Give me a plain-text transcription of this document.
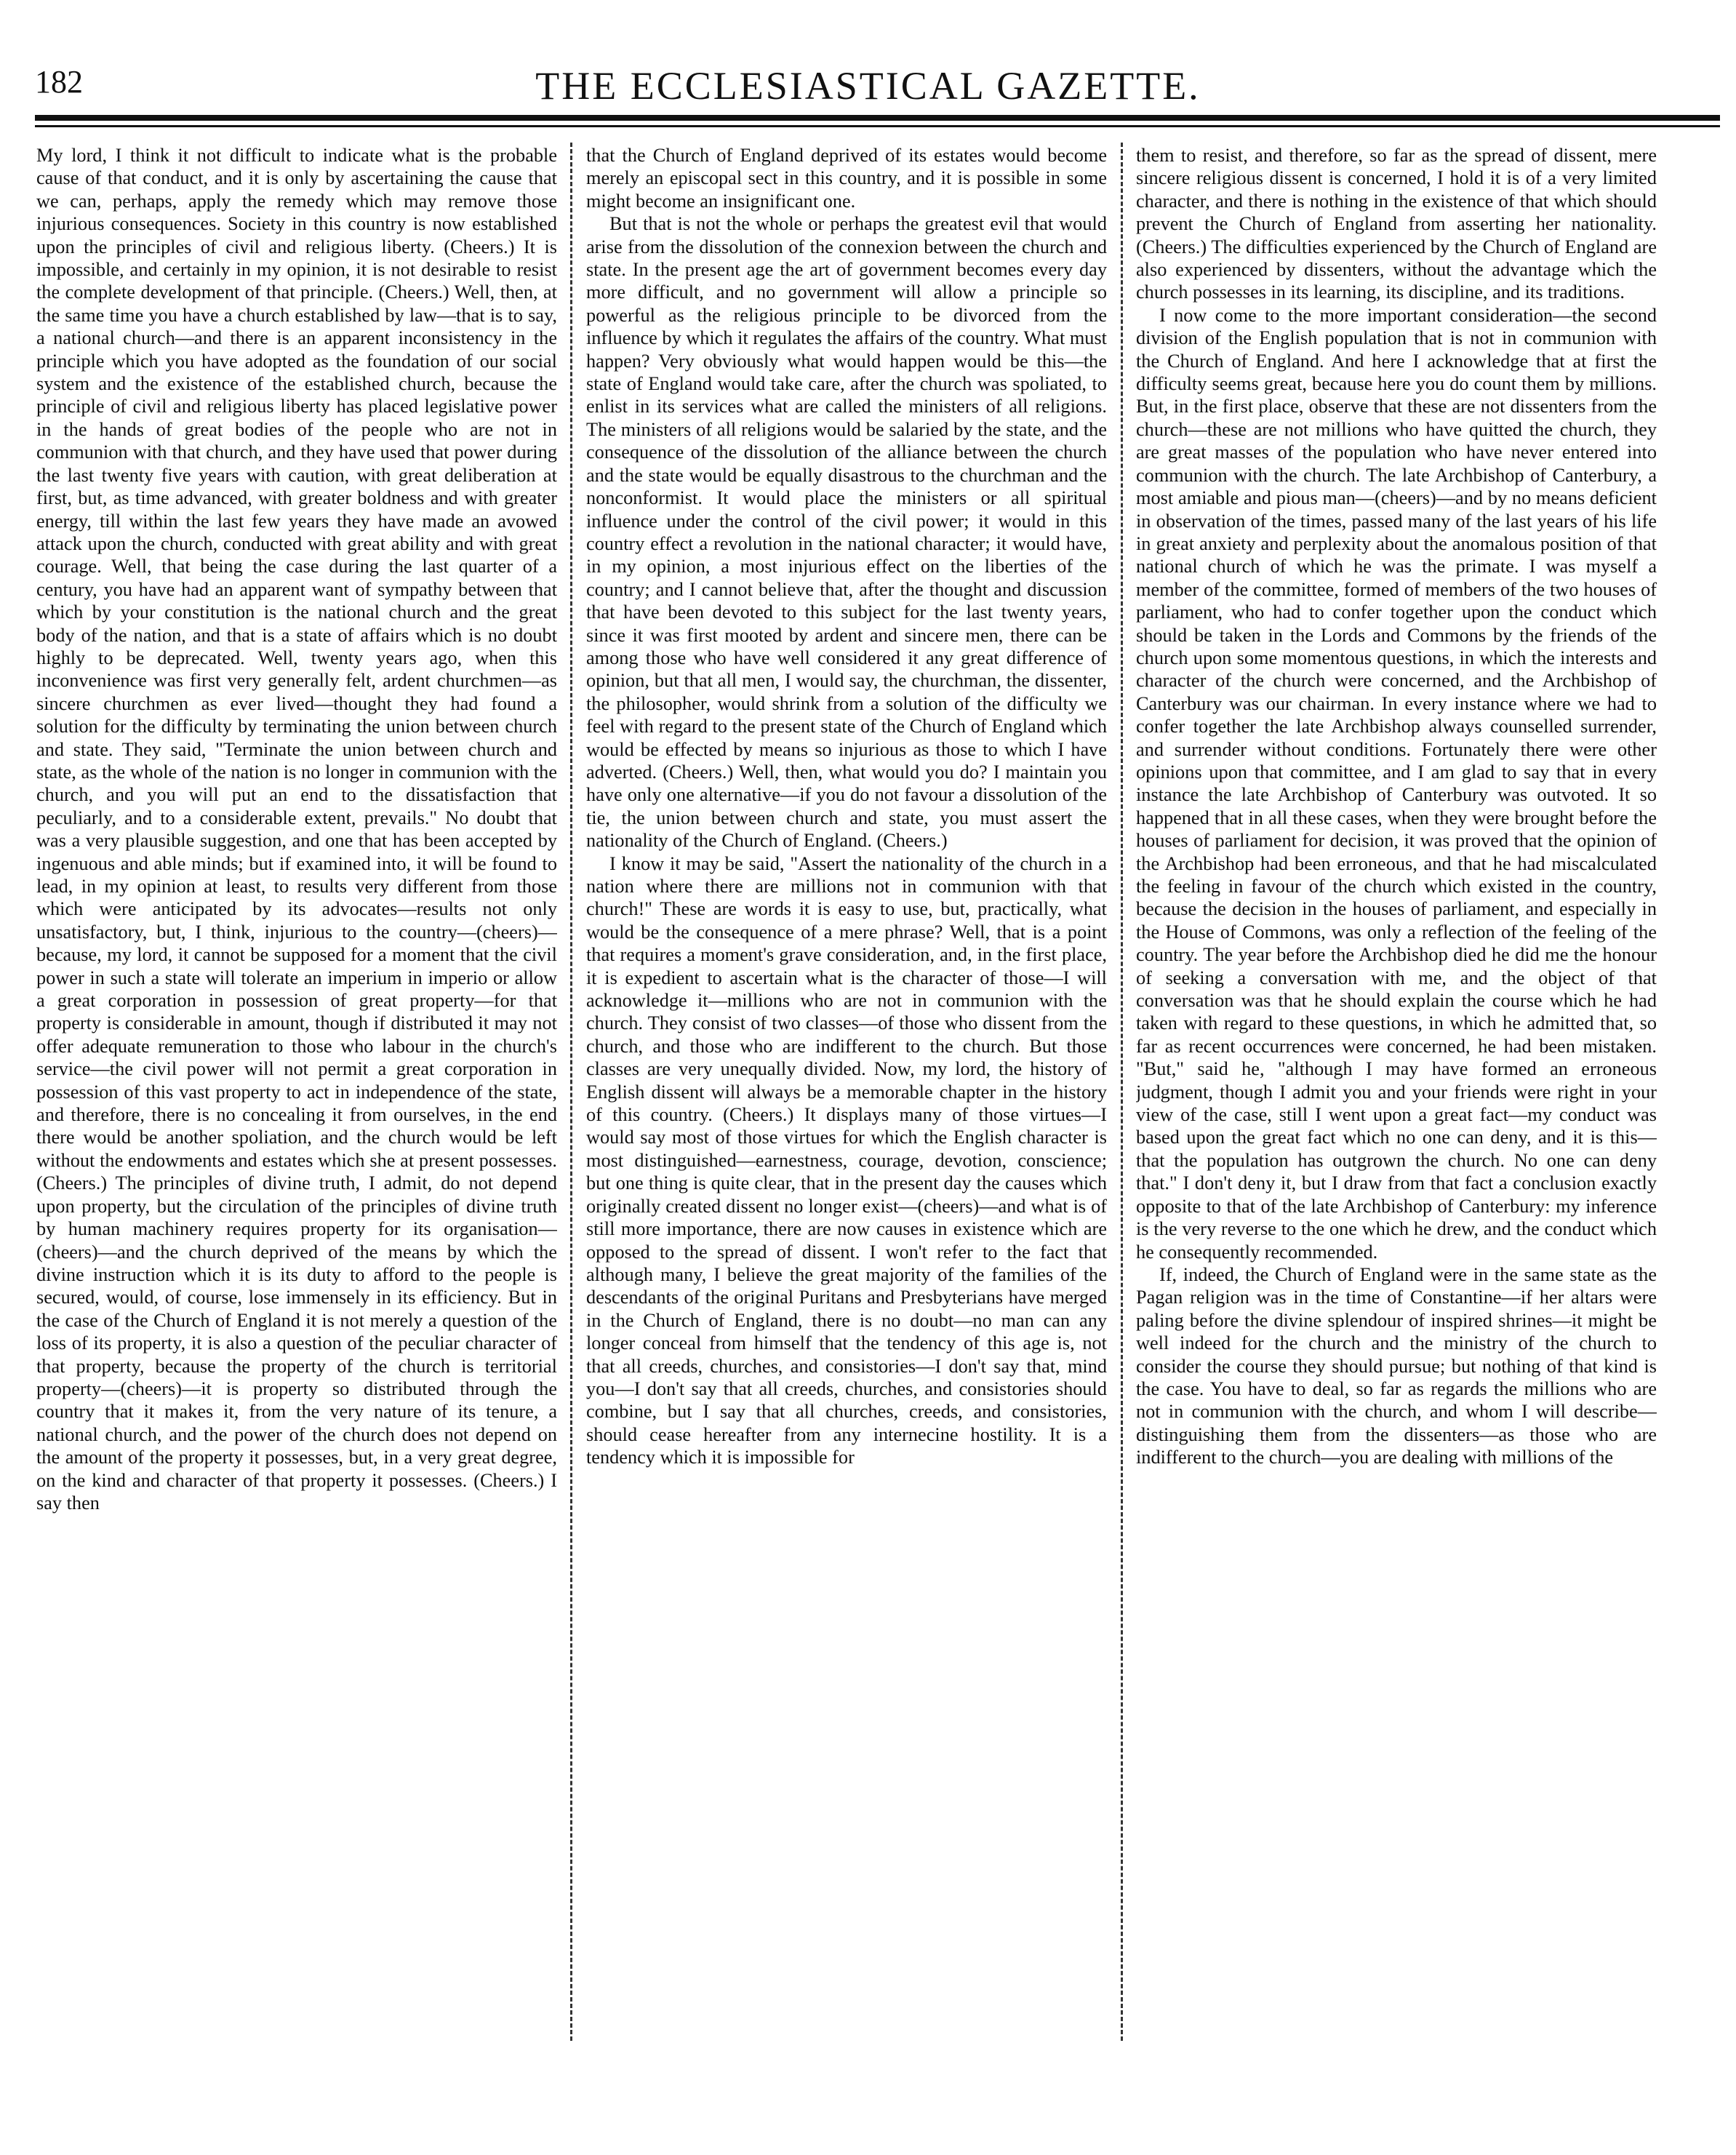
182	THE ECCLESIASTICAL GAZETTE.

My lord, I think it not difficult to indicate what is the probable cause of that conduct, and it is only by ascertaining the cause that we can, perhaps, apply the remedy which may remove those injurious consequences. Society in this country is now established upon the principles of civil and religious liberty. (Cheers.) It is impossible, and certainly in my opinion, it is not desirable to resist the complete development of that principle. (Cheers.) Well, then, at the same time you have a church established by law—that is to say, a national church—and there is an apparent inconsistency in the principle which you have adopted as the foundation of our social system and the existence of the established church, because the principle of civil and religious liberty has placed legislative power in the hands of great bodies of the people who are not in communion with that church, and they have used that power during the last twenty five years with caution, with great deliberation at first, but, as time advanced, with greater boldness and with greater energy, till within the last few years they have made an avowed attack upon the church, conducted with great ability and with great courage. Well, that being the case during the last quarter of a century, you have had an apparent want of sympathy between that which by your constitution is the national church and the great body of the nation, and that is a state of affairs which is no doubt highly to be deprecated. Well, twenty years ago, when this inconvenience was first very generally felt, ardent churchmen—as sincere churchmen as ever lived—thought they had found a solution for the difficulty by terminating the union between church and state. They said, "Terminate the union between church and state, as the whole of the nation is no longer in communion with the church, and you will put an end to the dissatisfaction that peculiarly, and to a considerable extent, prevails." No doubt that was a very plausible suggestion, and one that has been accepted by ingenuous and able minds; but if examined into, it will be found to lead, in my opinion at least, to results very different from those which were anticipated by its advocates—results not only unsatisfactory, but, I think, injurious to the country—(cheers)—because, my lord, it cannot be supposed for a moment that the civil power in such a state will tolerate an imperium in imperio or allow a great corporation in possession of great property—for that property is considerable in amount, though if distributed it may not offer adequate remuneration to those who labour in the church's service—the civil power will not permit a great corporation in possession of this vast property to act in independence of the state, and therefore, there is no concealing it from ourselves, in the end there would be another spoliation, and the church would be left without the endowments and estates which she at present possesses. (Cheers.) The principles of divine truth, I admit, do not depend upon property, but the circulation of the principles of divine truth by human machinery requires property for its organisation—(cheers)—and the church deprived of the means by which the divine instruction which it is its duty to afford to the people is secured, would, of course, lose immensely in its efficiency. But in the case of the Church of England it is not merely a question of the loss of its property, it is also a question of the peculiar character of that property, because the property of the church is territorial property—(cheers)—it is property so distributed through the country that it makes it, from the very nature of its tenure, a national church, and the power of the church does not depend on the amount of the property it possesses, but, in a very great degree, on the kind and character of that property it possesses. (Cheers.) I say then

that the Church of England deprived of its estates would become merely an episcopal sect in this country, and it is possible in some might become an insignificant one.

But that is not the whole or perhaps the greatest evil that would arise from the dissolution of the connexion between the church and state. In the present age the art of government becomes every day more difficult, and no government will allow a principle so powerful as the religious principle to be divorced from the influence by which it regulates the affairs of the country. What must happen? Very obviously what would happen would be this—the state of England would take care, after the church was spoliated, to enlist in its services what are called the ministers of all religions. The ministers of all religions would be salaried by the state, and the consequence of the dissolution of the alliance between the church and the state would be equally disastrous to the churchman and the nonconformist. It would place the ministers or all spiritual influence under the control of the civil power; it would in this country effect a revolution in the national character; it would have, in my opinion, a most injurious effect on the liberties of the country; and I cannot believe that, after the thought and discussion that have been devoted to this subject for the last twenty years, since it was first mooted by ardent and sincere men, there can be among those who have well considered it any great difference of opinion, but that all men, I would say, the churchman, the dissenter, the philosopher, would shrink from a solution of the difficulty we feel with regard to the present state of the Church of England which would be effected by means so injurious as those to which I have adverted. (Cheers.) Well, then, what would you do? I maintain you have only one alternative—if you do not favour a dissolution of the tie, the union between church and state, you must assert the nationality of the Church of England. (Cheers.)

I know it may be said, "Assert the nationality of the church in a nation where there are millions not in communion with that church!" These are words it is easy to use, but, practically, what would be the consequence of a mere phrase? Well, that is a point that requires a moment's grave consideration, and, in the first place, it is expedient to ascertain what is the character of those—I will acknowledge it—millions who are not in communion with the church. They consist of two classes—of those who dissent from the church, and those who are indifferent to the church. But those classes are very unequally divided. Now, my lord, the history of English dissent will always be a memorable chapter in the history of this country. (Cheers.) It displays many of those virtues—I would say most of those virtues for which the English character is most distinguished—earnestness, courage, devotion, conscience; but one thing is quite clear, that in the present day the causes which originally created dissent no longer exist—(cheers)—and what is of still more importance, there are now causes in existence which are opposed to the spread of dissent. I won't refer to the fact that although many, I believe the great majority of the families of the descendants of the original Puritans and Presbyterians have merged in the Church of England, there is no doubt—no man can any longer conceal from himself that the tendency of this age is, not that all creeds, churches, and consistories—I don't say that, mind you—I don't say that all creeds, churches, and consistories should combine, but I say that all churches, creeds, and consistories, should cease hereafter from any internecine hostility. It is a tendency which it is impossible for

them to resist, and therefore, so far as the spread of dissent, mere sincere religious dissent is concerned, I hold it is of a very limited character, and there is nothing in the existence of that which should prevent the Church of England from asserting her nationality. (Cheers.) The difficulties experienced by the Church of England are also experienced by dissenters, without the advantage which the church possesses in its learning, its discipline, and its traditions.

I now come to the more important consideration—the second division of the English population that is not in communion with the Church of England. And here I acknowledge that at first the difficulty seems great, because here you do count them by millions. But, in the first place, observe that these are not dissenters from the church—these are not millions who have quitted the church, they are great masses of the population who have never entered into communion with the church. The late Archbishop of Canterbury, a most amiable and pious man—(cheers)—and by no means deficient in observation of the times, passed many of the last years of his life in great anxiety and perplexity about the anomalous position of that national church of which he was the primate. I was myself a member of the committee, formed of members of the two houses of parliament, who had to confer together upon the conduct which should be taken in the Lords and Commons by the friends of the church upon some momentous questions, in which the interests and character of the church were concerned, and the Archbishop of Canterbury was our chairman. In every instance where we had to confer together the late Archbishop always counselled surrender, and surrender without conditions. Fortunately there were other opinions upon that committee, and I am glad to say that in every instance the late Archbishop of Canterbury was outvoted. It so happened that in all these cases, when they were brought before the houses of parliament for decision, it was proved that the opinion of the Archbishop had been erroneous, and that he had miscalculated the feeling in favour of the church which existed in the country, because the decision in the houses of parliament, and especially in the House of Commons, was only a reflection of the feeling of the country. The year before the Archbishop died he did me the honour of seeking a conversation with me, and the object of that conversation was that he should explain the course which he had taken with regard to these questions, in which he admitted that, so far as recent occurrences were concerned, he had been mistaken. "But," said he, "although I may have formed an erroneous judgment, though I admit you and your friends were right in your view of the case, still I went upon a great fact—my conduct was based upon the great fact which no one can deny, and it is this—that the population has outgrown the church. No one can deny that." I don't deny it, but I draw from that fact a conclusion exactly opposite to that of the late Archbishop of Canterbury: my inference is the very reverse to the one which he drew, and the conduct which he consequently recommended.

If, indeed, the Church of England were in the same state as the Pagan religion was in the time of Constantine—if her altars were paling before the divine splendour of inspired shrines—it might be well indeed for the church and the ministry of the church to consider the course they should pursue; but nothing of that kind is the case. You have to deal, so far as regards the millions who are not in communion with the church, and whom I will describe—distinguishing them from the dissenters—as those who are indifferent to the church—you are dealing with millions of the
